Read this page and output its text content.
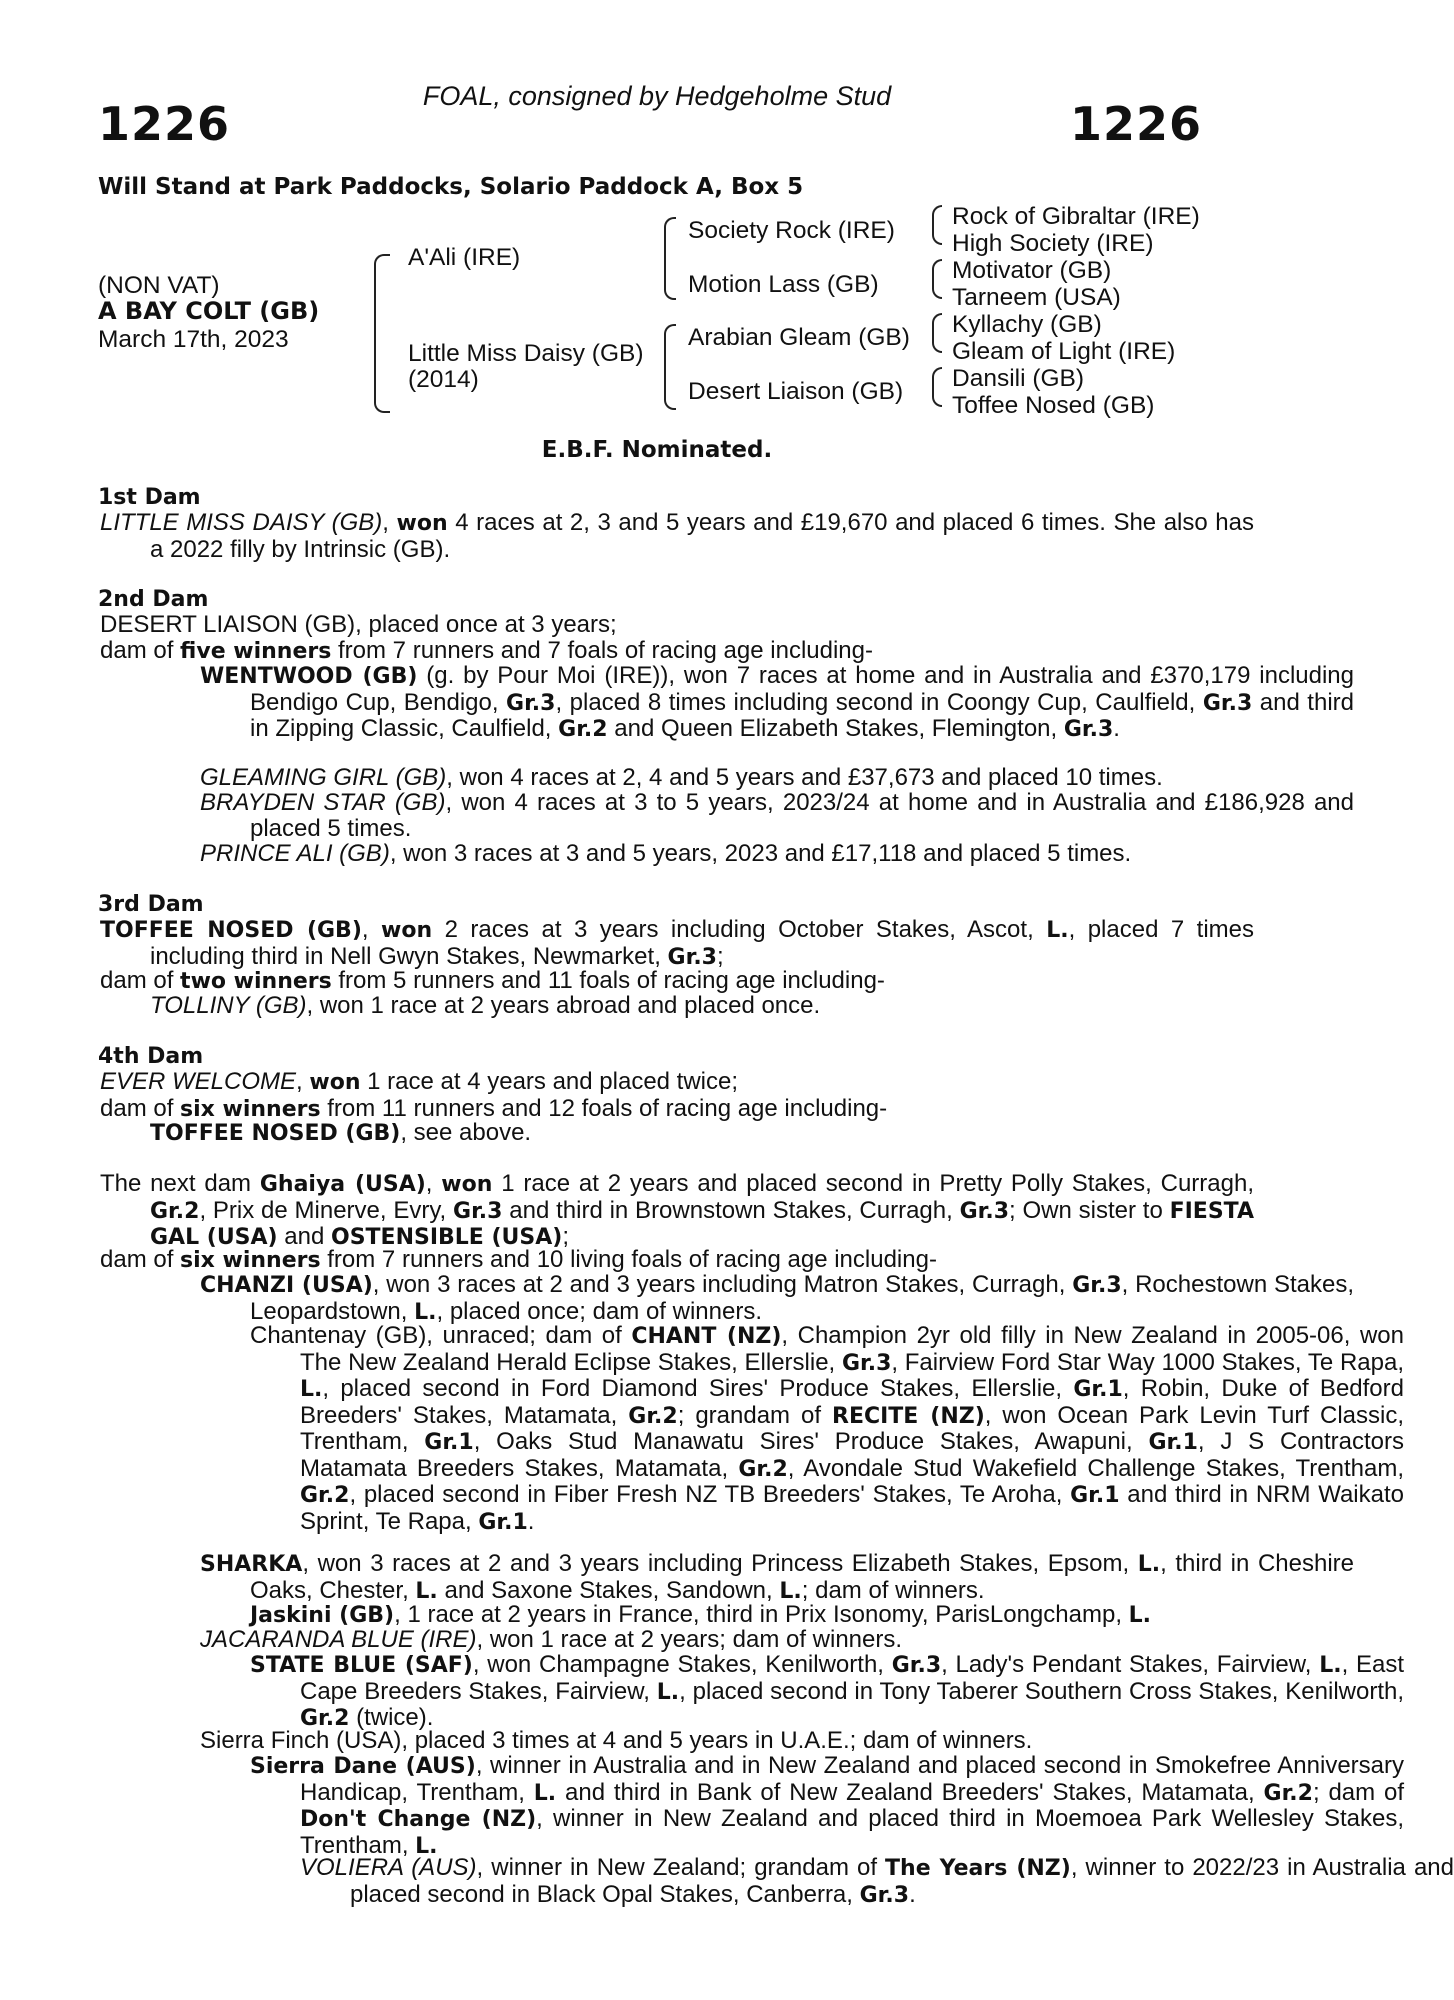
FOAL, consigned by Hedgeholme Stud
1226	1226
Will Stand at Park Paddocks, Solario Paddock A, Box 5
(NON VAT)
A BAY COLT (GB)
March 17th, 2023
A'Ali (IRE)
Little Miss Daisy (GB)
(2014)
Society Rock (IRE)
Motion Lass (GB)
Arabian Gleam (GB)
Desert Liaison (GB)
Rock of Gibraltar (IRE)
High Society (IRE)
Motivator (GB)
Tarneem (USA)
Kyllachy (GB)
Gleam of Light (IRE)
Dansili (GB)
Toffee Nosed (GB)
E.B.F. Nominated.
1st Dam
LITTLE MISS DAISY (GB), won 4 races at 2, 3 and 5 years and £19,670 and placed 6 times. She also has a 2022 filly by Intrinsic (GB).
2nd Dam
DESERT LIAISON (GB), placed once at 3 years;
dam of five winners from 7 runners and 7 foals of racing age including-
WENTWOOD (GB) (g. by Pour Moi (IRE)), won 7 races at home and in Australia and £370,179 including Bendigo Cup, Bendigo, Gr.3, placed 8 times including second in Coongy Cup, Caulfield, Gr.3 and third in Zipping Classic, Caulfield, Gr.2 and Queen Elizabeth Stakes, Flemington, Gr.3.
GLEAMING GIRL (GB), won 4 races at 2, 4 and 5 years and £37,673 and placed 10 times.
BRAYDEN STAR (GB), won 4 races at 3 to 5 years, 2023/24 at home and in Australia and £186,928 and placed 5 times.
PRINCE ALI (GB), won 3 races at 3 and 5 years, 2023 and £17,118 and placed 5 times.
3rd Dam
TOFFEE NOSED (GB), won 2 races at 3 years including October Stakes, Ascot, L., placed 7 times including third in Nell Gwyn Stakes, Newmarket, Gr.3;
dam of two winners from 5 runners and 11 foals of racing age including-
TOLLINY (GB), won 1 race at 2 years abroad and placed once.
4th Dam
EVER WELCOME, won 1 race at 4 years and placed twice;
dam of six winners from 11 runners and 12 foals of racing age including-
TOFFEE NOSED (GB), see above.
The next dam Ghaiya (USA), won 1 race at 2 years and placed second in Pretty Polly Stakes, Curragh, Gr.2, Prix de Minerve, Evry, Gr.3 and third in Brownstown Stakes, Curragh, Gr.3; Own sister to FIESTA GAL (USA) and OSTENSIBLE (USA);
dam of six winners from 7 runners and 10 living foals of racing age including-
CHANZI (USA), won 3 races at 2 and 3 years including Matron Stakes, Curragh, Gr.3, Rochestown Stakes, Leopardstown, L., placed once; dam of winners.
Chantenay (GB), unraced; dam of CHANT (NZ), Champion 2yr old filly in New Zealand in 2005-06, won The New Zealand Herald Eclipse Stakes, Ellerslie, Gr.3, Fairview Ford Star Way 1000 Stakes, Te Rapa, L., placed second in Ford Diamond Sires' Produce Stakes, Ellerslie, Gr.1, Robin, Duke of Bedford Breeders' Stakes, Matamata, Gr.2; grandam of RECITE (NZ), won Ocean Park Levin Turf Classic, Trentham, Gr.1, Oaks Stud Manawatu Sires' Produce Stakes, Awapuni, Gr.1, J S Contractors Matamata Breeders Stakes, Matamata, Gr.2, Avondale Stud Wakefield Challenge Stakes, Trentham, Gr.2, placed second in Fiber Fresh NZ TB Breeders' Stakes, Te Aroha, Gr.1 and third in NRM Waikato Sprint, Te Rapa, Gr.1.
SHARKA, won 3 races at 2 and 3 years including Princess Elizabeth Stakes, Epsom, L., third in Cheshire Oaks, Chester, L. and Saxone Stakes, Sandown, L.; dam of winners.
Jaskini (GB), 1 race at 2 years in France, third in Prix Isonomy, ParisLongchamp, L.
JACARANDA BLUE (IRE), won 1 race at 2 years; dam of winners.
STATE BLUE (SAF), won Champagne Stakes, Kenilworth, Gr.3, Lady's Pendant Stakes, Fairview, L., East Cape Breeders Stakes, Fairview, L., placed second in Tony Taberer Southern Cross Stakes, Kenilworth, Gr.2 (twice).
Sierra Finch (USA), placed 3 times at 4 and 5 years in U.A.E.; dam of winners.
Sierra Dane (AUS), winner in Australia and in New Zealand and placed second in Smokefree Anniversary Handicap, Trentham, L. and third in Bank of New Zealand Breeders' Stakes, Matamata, Gr.2; dam of Don't Change (NZ), winner in New Zealand and placed third in Moemoea Park Wellesley Stakes, Trentham, L.
VOLIERA (AUS), winner in New Zealand; grandam of The Years (NZ), winner to 2022/23 in Australia and placed second in Black Opal Stakes, Canberra, Gr.3.
